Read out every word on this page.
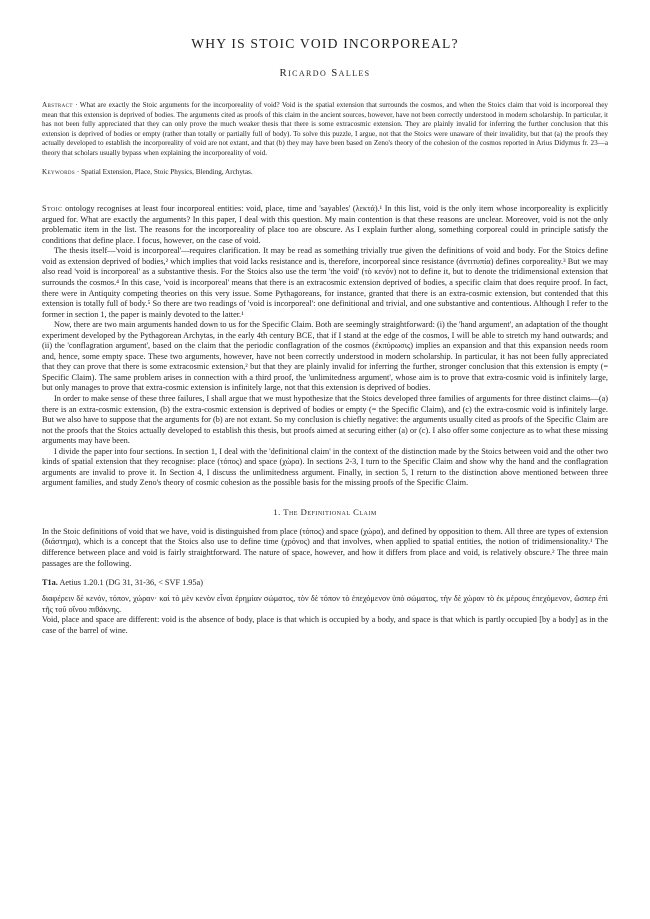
WHY IS STOIC VOID INCORPOREAL?
Ricardo Salles

Abstract · What are exactly the Stoic arguments for the incorporeality of void? Void is the spatial extension that surrounds the cosmos, and when the Stoics claim that void is incorporeal they mean that this extension is deprived of bodies. The arguments cited as proofs of this claim in the ancient sources, however, have not been correctly understood in modern scholarship. In particular, it has not been fully appreciated that they can only prove the much weaker thesis that there is some extracosmic extension. They are plainly invalid for inferring the further conclusion that this extension is deprived of bodies or empty (rather than totally or partially full of body). To solve this puzzle, I argue, not that the Stoics were unaware of their invalidity, but that (a) the proofs they actually developed to establish the incorporeality of void are not extant, and that (b) they may have been based on Zeno's theory of the cohesion of the cosmos reported in Arius Didymus fr. 23—a theory that scholars usually bypass when explaining the incorporeality of void.

Keywords · Spatial Extension, Place, Stoic Physics, Blending, Archytas.

Stoic ontology recognises at least four incorporeal entities: void, place, time and 'sayables' (λεκτά).¹ In this list, void is the only item whose incorporeality is explicitly argued for. What are exactly the arguments? In this paper, I deal with this question. My main contention is that these reasons are unclear. Moreover, void is not the only problematic item in the list. The reasons for the incorporeality of place too are obscure. As I explain further along, something corporeal could in principle satisfy the conditions that define place. I focus, however, on the case of void.

The thesis itself—'void is incorporeal'—requires clarification. It may be read as something trivially true given the definitions of void and body. For the Stoics define void as extension deprived of bodies,² which implies that void lacks resistance and is, therefore, incorporeal since resistance (ἀντιτυπία) defines corporeality.³ But we may also read 'void is incorporeal' as a substantive thesis. For the Stoics also use the term 'the void' (τὸ κενόν) not to define it, but to denote the tridimensional extension that surrounds the cosmos.⁴ In this case, 'void is incorporeal' means that there is an extracosmic extension deprived of bodies, a specific claim that does require proof. In fact, there were in Antiquity competing theories on this very issue. Some Pythagoreans, for instance, granted that there is an extra-cosmic extension, but contended that this extension is totally full of body.⁵ So there are two readings of 'void is incorporeal': one definitional and trivial, and one substantive and contentious. Although I refer to the former in section 1, the paper is mainly devoted to the latter.¹

Now, there are two main arguments handed down to us for the Specific Claim. Both are seemingly straightforward: (i) the 'hand argument', an adaptation of the thought experiment developed by the Pythagorean Archytas, in the early 4th century BCE, that if I stand at the edge of the cosmos, I will be able to stretch my hand outwards; and (ii) the 'conflagration argument', based on the claim that the periodic conflagration of the cosmos (ἐκπύρωσις) implies an expansion and that this expansion needs room and, hence, some empty space. These two arguments, however, have not been correctly understood in modern scholarship. In particular, it has not been fully appreciated that they can prove that there is some extracosmic extension,² but that they are plainly invalid for inferring the further, stronger conclusion that this extension is empty (= Specific Claim). The same problem arises in connection with a third proof, the 'unlimitedness argument', whose aim is to prove that extra-cosmic void is infinitely large, but only manages to prove that extra-cosmic extension is infinitely large, not that this extension is deprived of bodies.

In order to make sense of these three failures, I shall argue that we must hypothesize that the Stoics developed three families of arguments for three distinct claims—(a) there is an extra-cosmic extension, (b) the extra-cosmic extension is deprived of bodies or empty (= the Specific Claim), and (c) the extra-cosmic void is infinitely large. But we also have to suppose that the arguments for (b) are not extant. So my conclusion is chiefly negative: the arguments usually cited as proofs of the Specific Claim are not the proofs that the Stoics actually developed to establish this thesis, but proofs aimed at securing either (a) or (c). I also offer some conjecture as to what these missing arguments may have been.

I divide the paper into four sections. In section 1, I deal with the 'definitional claim' in the context of the distinction made by the Stoics between void and the other two kinds of spatial extension that they recognise: place (τόπος) and space (χώρα). In sections 2-3, I turn to the Specific Claim and show why the hand and the conflagration arguments are invalid to prove it. In Section 4, I discuss the unlimitedness argument. Finally, in section 5, I return to the distinction above mentioned between three argument families, and study Zeno's theory of cosmic cohesion as the possible basis for the missing proofs of the Specific Claim.

1. The Definitional Claim

In the Stoic definitions of void that we have, void is distinguished from place (τόπος) and space (χώρα), and defined by opposition to them. All three are types of extension (διάστημα), which is a concept that the Stoics also use to define time (χρόνος) and that involves, when applied to spatial entities, the notion of tridimensionality.¹ The difference between place and void is fairly straightforward. The nature of space, however, and how it differs from place and void, is relatively obscure.² The three main passages are the following.

T1a. Aetius 1.20.1 (DG 31, 31-36, < SVF 1.95a)

διαφέρειν δὲ κενόν, τόπον, χώραν· καὶ τὸ μὲν κενὸν εἶναι ἐρημίαν σώματος, τὸν δὲ τόπον τὸ ἐπεχόμενον ὑπὸ σώματος, τὴν δὲ χώραν τὸ ἐκ μέρους ἐπεχόμενον, ὥσπερ ἐπὶ τῆς τοῦ οἴνου πιθάκνης.

Void, place and space are different: void is the absence of body, place is that which is occupied by a body, and space is that which is partly occupied [by a body] as in the case of the barrel of wine.
